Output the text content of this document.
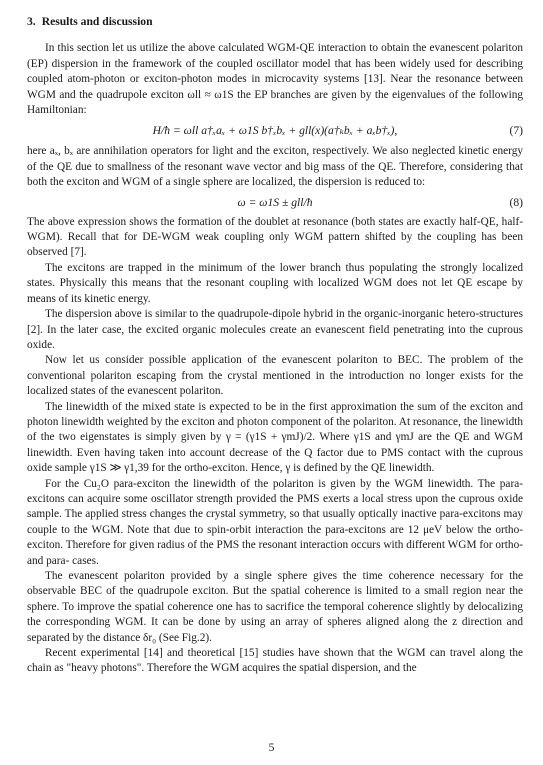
3. Results and discussion

In this section let us utilize the above calculated WGM-QE interaction to obtain the evanescent polariton (EP) dispersion in the framework of the coupled oscillator model that has been widely used for describing coupled atom-photon or exciton-photon modes in microcavity systems [13]. Near the resonance between WGM and the quadrupole exciton ωll ≈ ω1S the EP branches are given by the eigenvalues of the following Hamiltonian:

H/ħ = ωll a†ₓaₓ + ω1S b†ₓbₓ + gll(x)(a†ₖbₓ + aₓb†ₓ),	(7)

here aₓ, bₓ are annihilation operators for light and the exciton, respectively. We also neglected kinetic energy of the QE due to smallness of the resonant wave vector and big mass of the QE. Therefore, considering that both the exciton and WGM of a single sphere are localized, the dispersion is reduced to:

ω = ω1S ± gll/ħ	(8)

The above expression shows the formation of the doublet at resonance (both states are exactly half-QE, half-WGM). Recall that for DE-WGM weak coupling only WGM pattern shifted by the coupling has been observed [7].

The excitons are trapped in the minimum of the lower branch thus populating the strongly localized states. Physically this means that the resonant coupling with localized WGM does not let QE escape by means of its kinetic energy.

The dispersion above is similar to the quadrupole-dipole hybrid in the organic-inorganic hetero-structures [2]. In the later case, the excited organic molecules create an evanescent field penetrating into the cuprous oxide.

Now let us consider possible application of the evanescent polariton to BEC. The problem of the conventional polariton escaping from the crystal mentioned in the introduction no longer exists for the localized states of the evanescent polariton.

The linewidth of the mixed state is expected to be in the first approximation the sum of the exciton and photon linewidth weighted by the exciton and photon component of the polariton. At resonance, the linewidth of the two eigenstates is simply given by γ = (γ1S + γmJ)/2. Where γ1S and γmJ are the QE and WGM linewidth. Even having taken into account decrease of the Q factor due to PMS contact with the cuprous oxide sample γ1S ≫ γ1,39 for the ortho-exciton. Hence, γ is defined by the QE linewidth.

For the Cu₂O para-exciton the linewidth of the polariton is given by the WGM linewidth. The para-excitons can acquire some oscillator strength provided the PMS exerts a local stress upon the cuprous oxide sample. The applied stress changes the crystal symmetry, so that usually optically inactive para-excitons may couple to the WGM. Note that due to spin-orbit interaction the para-excitons are 12 μeV below the ortho-exciton. Therefore for given radius of the PMS the resonant interaction occurs with different WGM for ortho- and para- cases.

The evanescent polariton provided by a single sphere gives the time coherence necessary for the observable BEC of the quadrupole exciton. But the spatial coherence is limited to a small region near the sphere. To improve the spatial coherence one has to sacrifice the temporal coherence slightly by delocalizing the corresponding WGM. It can be done by using an array of spheres aligned along the z direction and separated by the distance δr₀ (See Fig.2).

Recent experimental [14] and theoretical [15] studies have shown that the WGM can travel along the chain as "heavy photons". Therefore the WGM acquires the spatial dispersion, and the

5
